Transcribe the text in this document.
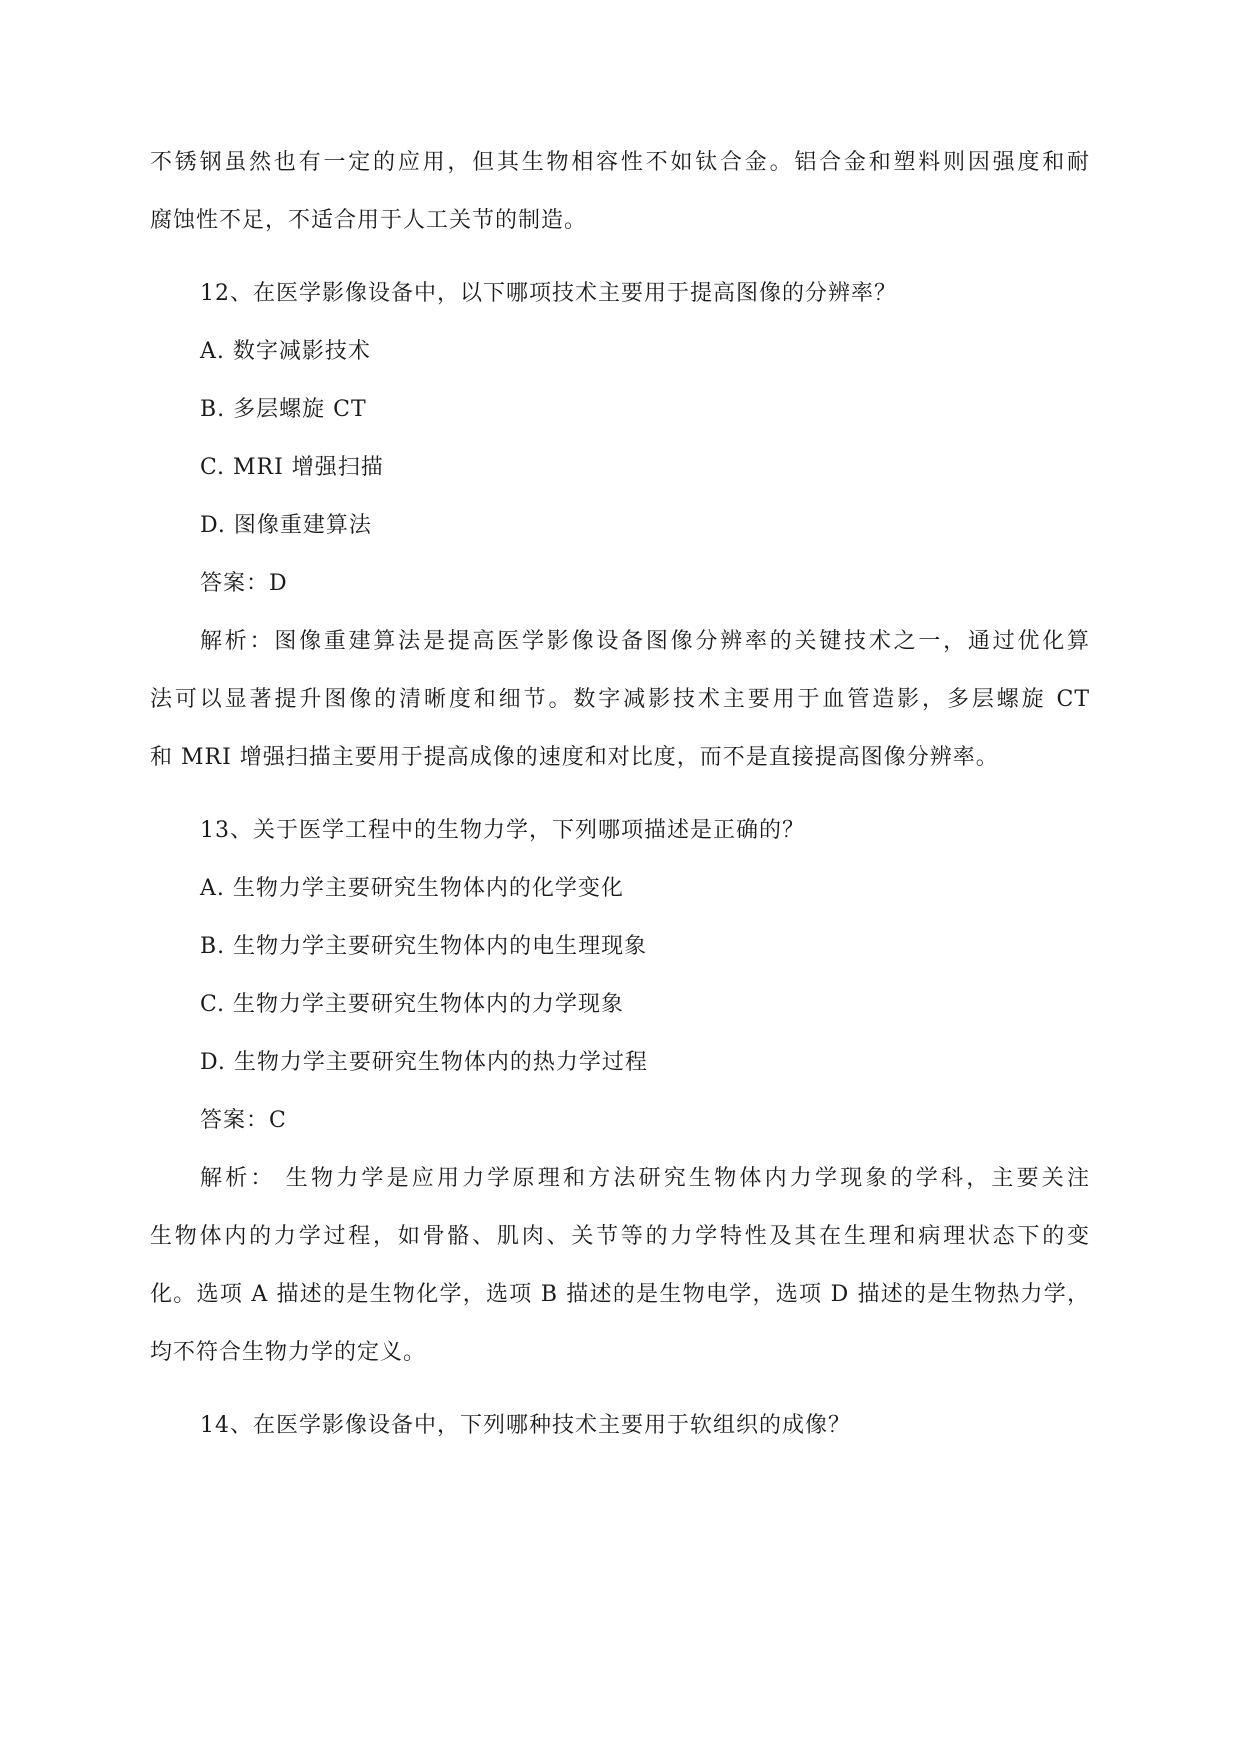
不锈钢虽然也有一定的应用，但其生物相容性不如钛合金。铝合金和塑料则因强度和耐
腐蚀性不足，不适合用于人工关节的制造。
12、在医学影像设备中，以下哪项技术主要用于提高图像的分辨率？
A. 数字减影技术
B. 多层螺旋 CT
C. MRI 增强扫描
D. 图像重建算法
答案：D
解析：图像重建算法是提高医学影像设备图像分辨率的关键技术之一，通过优化算
法可以显著提升图像的清晰度和细节。数字减影技术主要用于血管造影，多层螺旋 CT
和 MRI 增强扫描主要用于提高成像的速度和对比度，而不是直接提高图像分辨率。
13、关于医学工程中的生物力学，下列哪项描述是正确的？
A. 生物力学主要研究生物体内的化学变化
B. 生物力学主要研究生物体内的电生理现象
C. 生物力学主要研究生物体内的力学现象
D. 生物力学主要研究生物体内的热力学过程
答案：C
解析： 生物力学是应用力学原理和方法研究生物体内力学现象的学科，主要关注
生物体内的力学过程，如骨骼、肌肉、关节等的力学特性及其在生理和病理状态下的变
化。选项 A 描述的是生物化学，选项 B 描述的是生物电学，选项 D 描述的是生物热力学，
均不符合生物力学的定义。
14、在医学影像设备中，下列哪种技术主要用于软组织的成像？
